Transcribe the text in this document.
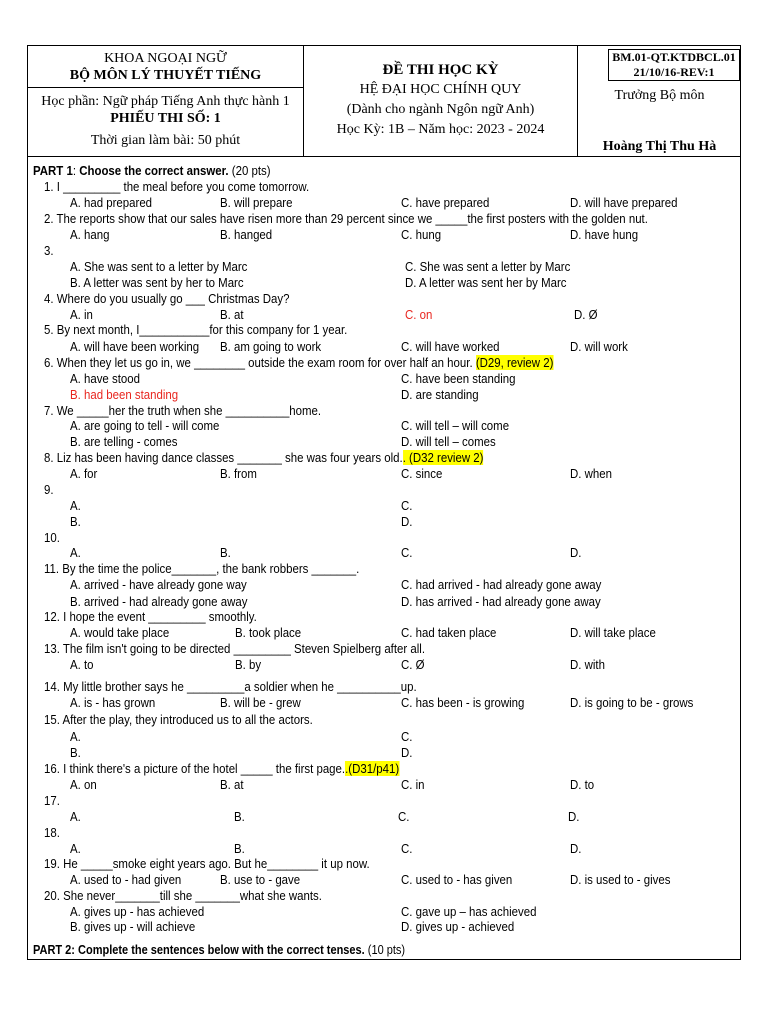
KHOA NGOẠI NGỮ
BỘ MÔN LÝ THUYẾT TIẾNG
Học phần: Ngữ pháp Tiếng Anh thực hành 1
PHIẾU THI SỐ: 1
Thời gian làm bài: 50 phút
ĐỀ THI HỌC KỲ
HỆ ĐẠI HỌC CHÍNH QUY
(Dành cho ngành Ngôn ngữ Anh)
Học Kỳ: 1B – Năm học: 2023 - 2024
BM.01-QT.KTDBCL.01
21/10/16-REV:1
Trưởng Bộ môn
Hoàng Thị Thu Hà
PART 1: Choose the correct answer. (20 pts)
1. I _________ the meal before you come tomorrow.
A. had prepared	B. will prepare	C. have prepared	D. will have prepared
2. The reports show that our sales have risen more than 29 percent since we _____the first posters with the golden nut.
A. hang	B. hanged	C. hung	D. have hung
3.
A. She was sent to a letter by Marc	C. She was sent a letter by Marc
B. A letter was sent by her to Marc	D. A letter was sent her by Marc
4. Where do you usually go ___ Christmas Day?
A. in	B. at	C. on	D. Ø
5. By next month, I___________for this company for 1 year.
A. will have been working B. am going to work	C. will have worked	D. will work
6. When they let us go in, we ________ outside the exam room for over half an hour. (D29, review 2)
A. have stood	C. have been standing
B. had been standing	D. are standing
7. We _____her the truth when she __________home.
A. are going to tell - will come	C. will tell – will come
B. are telling - comes	D. will tell – comes
8. Liz has been having dance classes _______ she was four years old.. (D32 review 2)
A. for	B. from	C. since	D. when
9.
A.	C.
B.	D.
10.
A.	B.	C.	D.
11. By the time the police_______, the bank robbers _______.
A. arrived - have already gone way	C. had arrived - had already gone away
B. arrived - had already gone away	D. has arrived - had already gone away
12. I hope the event _________ smoothly.
A. would take place	B. took place	C. had taken place	D. will take place
13. The film isn't going to be directed _________ Steven Spielberg after all.
A. to	B. by	C. Ø	D. with
14. My little brother says he _________a soldier when he __________up.
A. is - has grown	B. will be - grew	C. has been - is growing	D. is going to be - grows
15. After the play, they introduced us to all the actors.
A.	C.
B.	D.
16. I think there's a picture of the hotel _____ the first page..(D31/p41)
A. on	B. at	C. in	D. to
17.
A.	B.	C.	D.
18.
A.	B.	C.	D.
19. He _____smoke eight years ago. But he________ it up now.
A. used to - had given	B. use to - gave	C. used to - has given	D. is used to - gives
20. She never_______till she _______what she wants.
A. gives up - has achieved	C. gave up – has achieved
B. gives up - will achieve	D. gives up - achieved
PART 2: Complete the sentences below with the correct tenses. (10 pts)
